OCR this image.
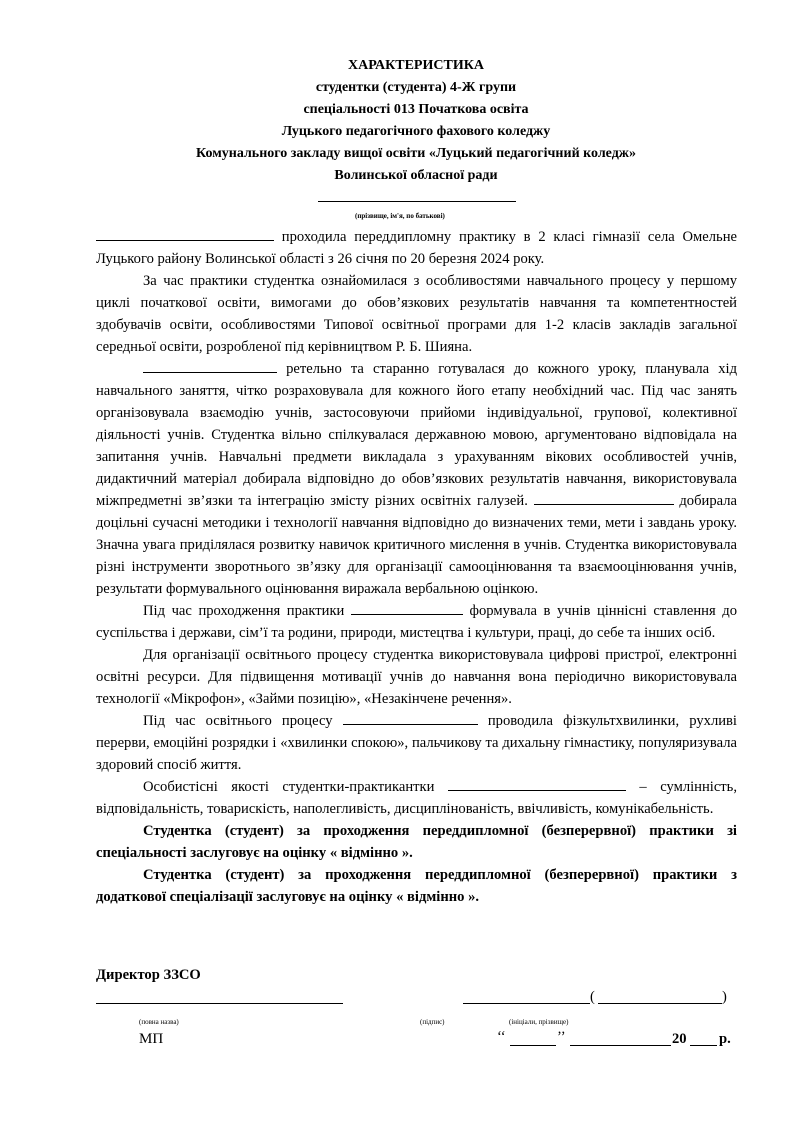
ХАРАКТЕРИСТИКА
студентки (студента) 4-Ж групи
спеціальності 013 Початкова освіта
Луцького педагогічного фахового коледжу
Комунального закладу вищої освіти «Луцький педагогічний коледж»
Волинської обласної ради
(прізвище, ім'я, по батькові)

проходила переддипломну практику в 2 класі гімназії села Омельне Луцького району Волинської області з 26 січня по 20 березня 2024 року.

За час практики студентка ознайомилася з особливостями навчального процесу у першому циклі початкової освіти, вимогами до обов’язкових результатів навчання та компетентностей здобувачів освіти, особливостями Типової освітньої програми для 1-2 класів закладів загальної середньої освіти, розробленої під керівництвом Р. Б. Шияна.

ретельно та старанно готувалася до кожного уроку, планувала хід навчального заняття, чітко розраховувала для кожного його етапу необхідний час. Під час занять організовувала взаємодію учнів, застосовуючи прийоми індивідуальної, групової, колективної діяльності учнів. Студентка вільно спілкувалася державною мовою, аргументовано відповідала на запитання учнів. Навчальні предмети викладала з урахуванням вікових особливостей учнів, дидактичний матеріал добирала відповідно до обов’язкових результатів навчання, використовувала міжпредметні зв’язки та інтеграцію змісту різних освітніх галузей.	добирала доцільні сучасні методики і технології навчання відповідно до визначених теми, мети і завдань уроку. Значна увага приділялася розвитку навичок критичного мислення в учнів. Студентка використовувала різні інструменти зворотнього зв’язку для організації самооцінювання та взаємооцінювання учнів, результати формувального оцінювання виражала вербальною оцінкою.

Під час проходження практики	формувала в учнів ціннісні ставлення до суспільства і держави, сім’ї та родини, природи, мистецтва і культури, праці, до себе та інших осіб.

Для організації освітнього процесу студентка використовувала цифрові пристрої, електронні освітні ресурси. Для підвищення мотивації учнів до навчання вона періодично використовувала технології «Мікрофон», «Займи позицію», «Незакінчене речення».

Під час освітнього процесу	проводила фізкультхвилинки, рухливі перерви, емоційні розрядки і «хвилинки спокою», пальчикову та дихальну гімнастику, популяризувала здоровий спосіб життя.

Особистісні якості студентки-практикантки	– сумлінність, відповідальність, товарискість, наполегливість, дисциплінованість, ввічливість, комунікабельність.

Студентка (студент) за проходження переддипломної (безперервної) практики зі спеціальності заслуговує на оцінку « відмінно ».

Студентка (студент) за проходження переддипломної (безперервної) практики з додаткової спеціалізації заслуговує на оцінку « відмінно ».

Директор ЗЗСО
(	)
(повна назва)	(підпис)	(ініціали, прізвище)
МП	‘‘	’’	20 р.
